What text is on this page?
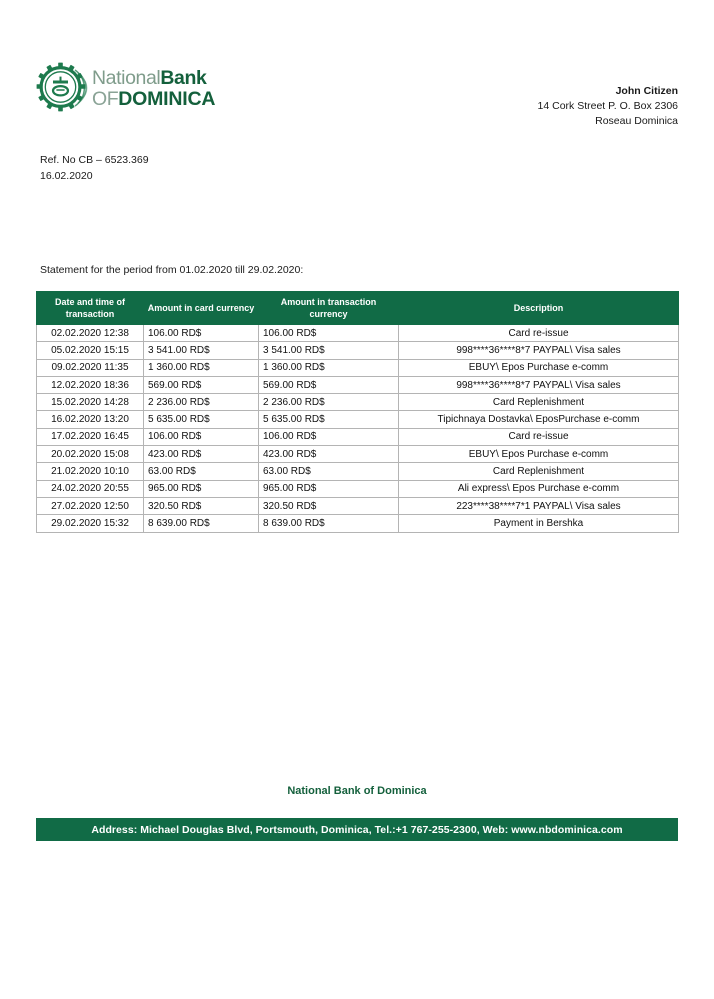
NationalBank
OFDOMINICA	John Citizen
14 Cork Street P. O. Box 2306
Roseau Dominica
Ref. No CB – 6523.369
16.02.2020
Statement for the period from 01.02.2020 till 29.02.2020:
Date and time of transaction	Amount in card currency	Amount in transaction currency	Description
02.02.2020 12:38	106.00 RD$	106.00 RD$	Card re-issue
05.02.2020 15:15	3 541.00 RD$	3 541.00 RD$	998****36****8*7 PAYPAL\ Visa sales
09.02.2020 11:35	1 360.00 RD$	1 360.00 RD$	EBUY\ Epos Purchase e-comm
12.02.2020 18:36	569.00 RD$	569.00 RD$	998****36****8*7 PAYPAL\ Visa sales
15.02.2020 14:28	2 236.00 RD$	2 236.00 RD$	Card Replenishment
16.02.2020 13:20	5 635.00 RD$	5 635.00 RD$	Tipichnaya Dostavka\ EposPurchase e-comm
17.02.2020 16:45	106.00 RD$	106.00 RD$	Card re-issue
20.02.2020 15:08	423.00 RD$	423.00 RD$	EBUY\ Epos Purchase e-comm
21.02.2020 10:10	63.00 RD$	63.00 RD$	Card Replenishment
24.02.2020 20:55	965.00 RD$	965.00 RD$	Ali express\ Epos Purchase e-comm
27.02.2020 12:50	320.50 RD$	320.50 RD$	223****38****7*1 PAYPAL\ Visa sales
29.02.2020 15:32	8 639.00 RD$	8 639.00 RD$	Payment in Bershka
National Bank of Dominica
Address: Michael Douglas Blvd, Portsmouth, Dominica, Tel.:+1 767-255-2300, Web: www.nbdominica.com
